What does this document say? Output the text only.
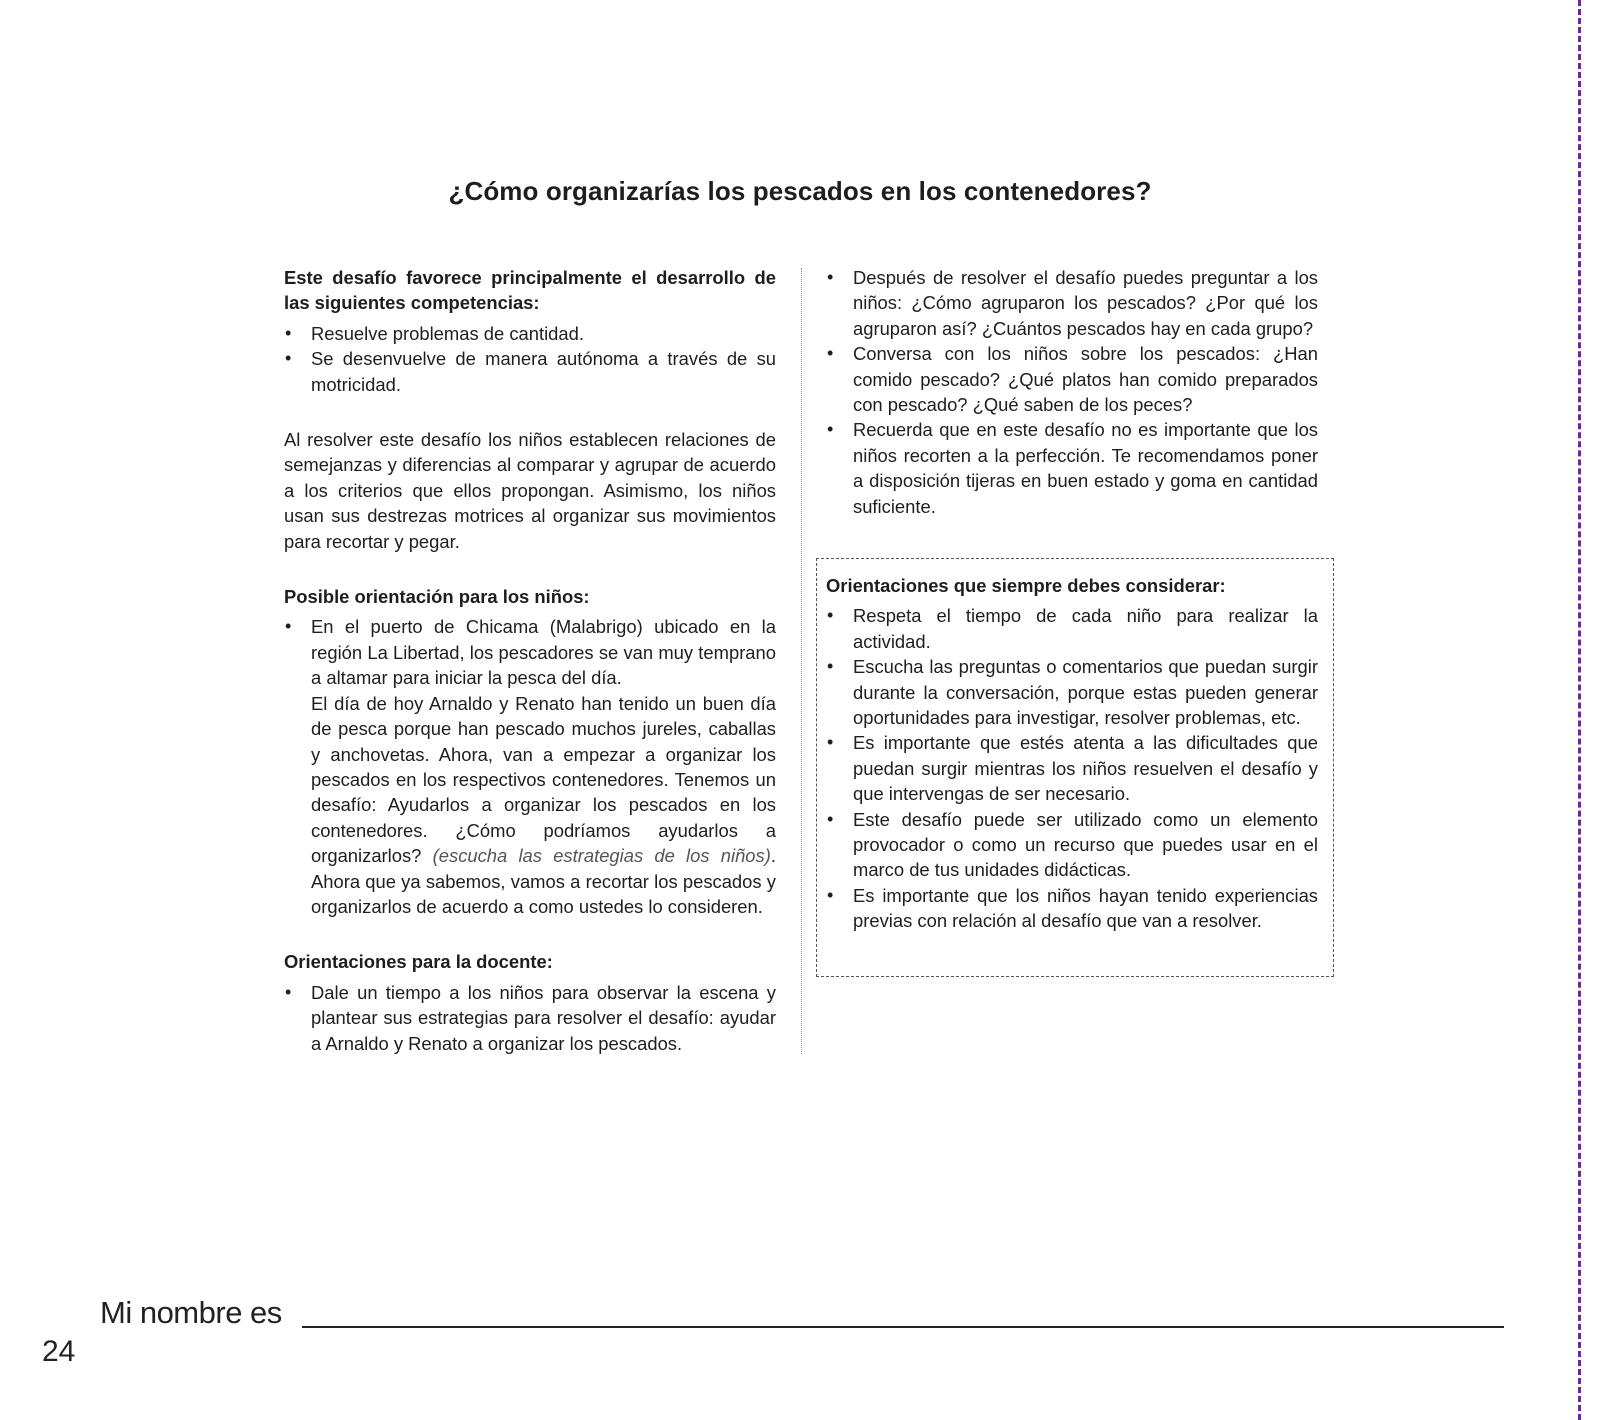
¿Cómo organizarías los pescados en los contenedores?

Este desafío favorece principalmente el desarrollo de las siguientes competencias:

• Resuelve problemas de cantidad.
• Se desenvuelve de manera autónoma a través de su motricidad.

Al resolver este desafío los niños establecen relaciones de semejanzas y diferencias al comparar y agrupar de acuerdo a los criterios que ellos propongan. Asimismo, los niños usan sus destrezas motrices al organizar sus movimientos para recortar y pegar.

Posible orientación para los niños:

• En el puerto de Chicama (Malabrigo) ubicado en la región La Libertad, los pescadores se van muy temprano a altamar para iniciar la pesca del día.

El día de hoy Arnaldo y Renato han tenido un buen día de pesca porque han pescado muchos jureles, caballas y anchovetas. Ahora, van a empezar a organizar los pescados en los respectivos contenedores. Tenemos un desafío: Ayudarlos a organizar los pescados en los contenedores. ¿Cómo podríamos ayudarlos a organizarlos? (escucha las estrategias de los niños). Ahora que ya sabemos, vamos a recortar los pescados y organizarlos de acuerdo a como ustedes lo consideren.

Orientaciones para la docente:

• Dale un tiempo a los niños para observar la escena y plantear sus estrategias para resolver el desafío: ayudar a Arnaldo y Renato a organizar los pescados.
• Después de resolver el desafío puedes preguntar a los niños: ¿Cómo agruparon los pescados? ¿Por qué los agruparon así? ¿Cuántos pescados hay en cada grupo?
• Conversa con los niños sobre los pescados: ¿Han comido pescado? ¿Qué platos han comido preparados con pescado? ¿Qué saben de los peces?
• Recuerda que en este desafío no es importante que los niños recorten a la perfección. Te recomendamos poner a disposición tijeras en buen estado y goma en cantidad suficiente.

Orientaciones que siempre debes considerar:

• Respeta el tiempo de cada niño para realizar la actividad.
• Escucha las preguntas o comentarios que puedan surgir durante la conversación, porque estas pueden generar oportunidades para investigar, resolver problemas, etc.
• Es importante que estés atenta a las dificultades que puedan surgir mientras los niños resuelven el desafío y que intervengas de ser necesario.
• Este desafío puede ser utilizado como un elemento provocador o como un recurso que puedes usar en el marco de tus unidades didácticas.
• Es importante que los niños hayan tenido experiencias previas con relación al desafío que van a resolver.
Mi nombre es
24
